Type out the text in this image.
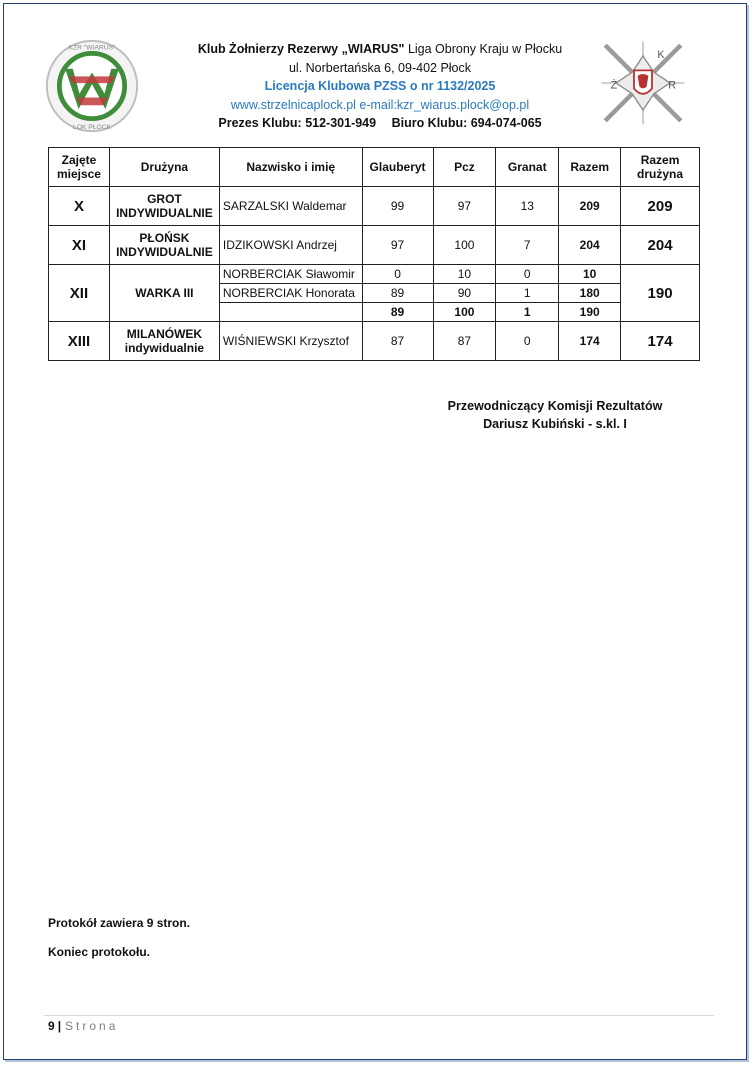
KŻR "WIARUS"
LOK PŁOCK
Klub Żołnierzy Rezerwy „WIARUS" Liga Obrony Kraju w Płocku
ul. Norbertańska 6, 09-402 Płock
Licencja Klubowa PZSS o nr 1132/2025
www.strzelnicaplock.pl e-mail:kzr_wiarus.plock@op.pl
Prezes Klubu: 512-301-949 Biuro Klubu: 694-074-065
K
Ż	R
Zajęte miejsce	Drużyna	Nazwisko i imię	Glauberyt	Pcz	Granat	Razem	Razem drużyna
X	GROT INDYWIDUALNIE	SARZALSKI Waldemar	99	97	13	209	209
XI	PŁOŃSK INDYWIDUALNIE	IDZIKOWSKI Andrzej	97	100	7	204	204
XII	WARKA III	NORBERCIAK Sławomir	0	10	0	10	190
		NORBERCIAK Honorata	89	90	1	180	
			89	100	1	190	
XIII	MILANÓWEK indywidualnie	WIŚNIEWSKI Krzysztof	87	87	0	174	174
Przewodniczący Komisji Rezultatów
Dariusz Kubiński - s.kl. I
Protokół zawiera 9 stron.
Koniec protokołu.
9 | Strona
